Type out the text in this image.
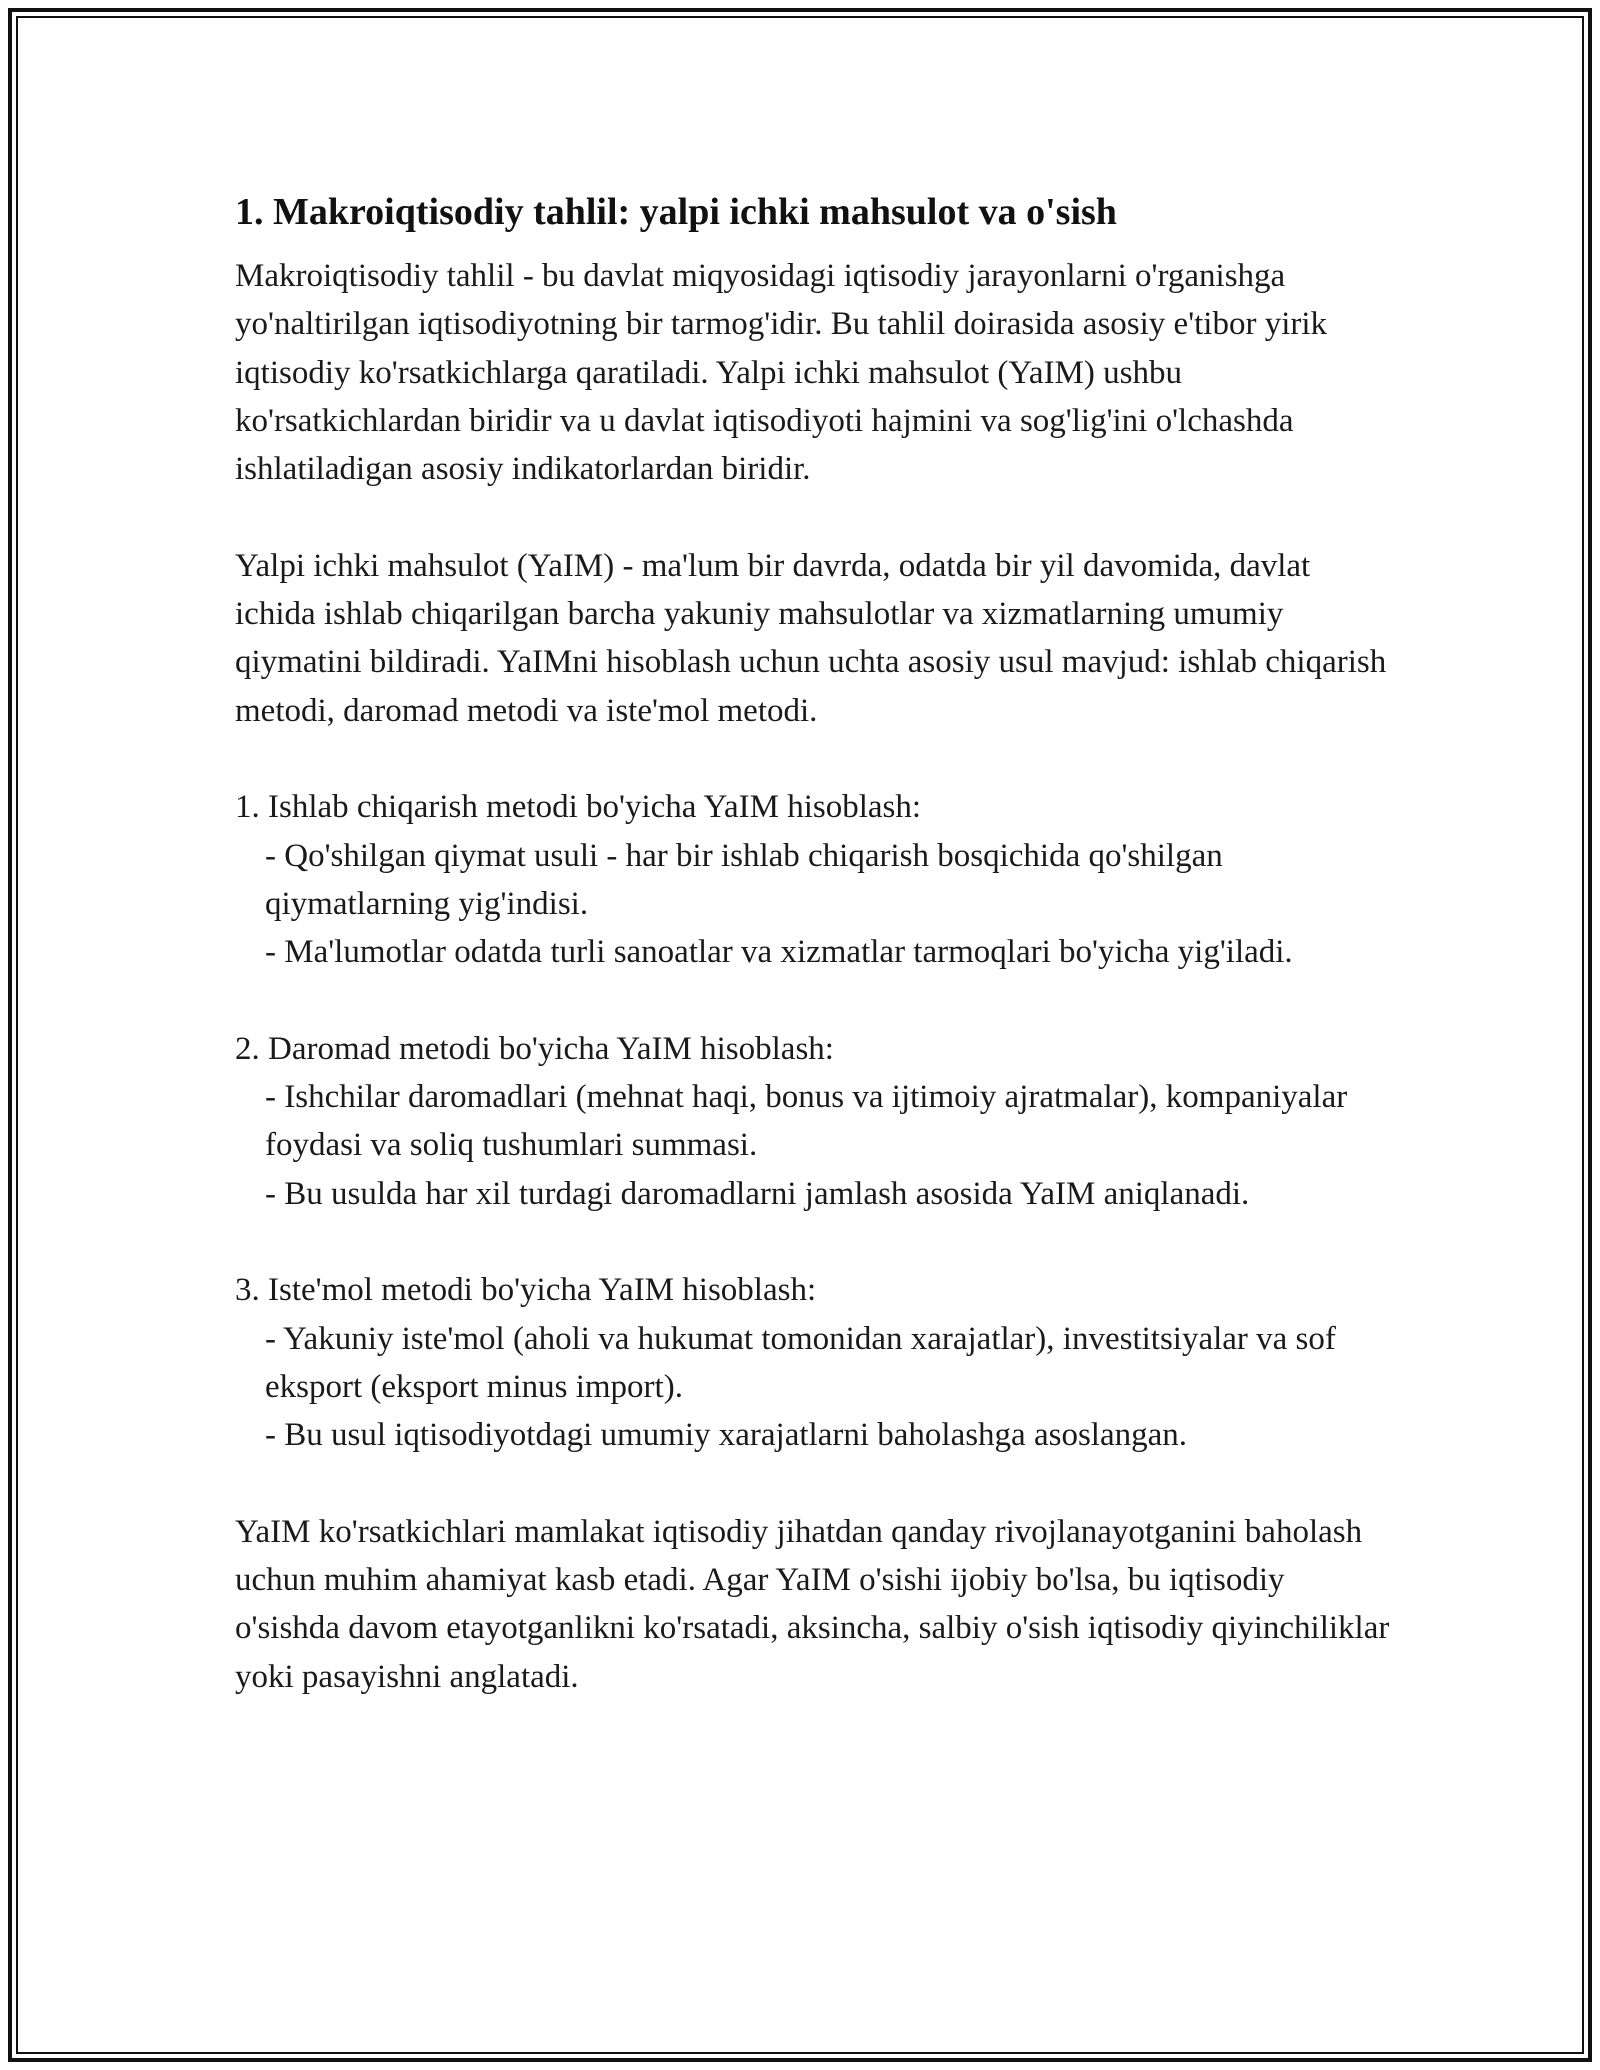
1. Makroiqtisodiy tahlil: yalpi ichki mahsulot va o'sish

Makroiqtisodiy tahlil - bu davlat miqyosidagi iqtisodiy jarayonlarni o'rganishga yo'naltirilgan iqtisodiyotning bir tarmog'idir. Bu tahlil doirasida asosiy e'tibor yirik iqtisodiy ko'rsatkichlarga qaratiladi. Yalpi ichki mahsulot (YaIM) ushbu ko'rsatkichlardan biridir va u davlat iqtisodiyoti hajmini va sog'lig'ini o'lchashda ishlatiladigan asosiy indikatorlardan biridir.

Yalpi ichki mahsulot (YaIM) - ma'lum bir davrda, odatda bir yil davomida, davlat ichida ishlab chiqarilgan barcha yakuniy mahsulotlar va xizmatlarning umumiy qiymatini bildiradi. YaIMni hisoblash uchun uchta asosiy usul mavjud: ishlab chiqarish metodi, daromad metodi va iste'mol metodi.

1. Ishlab chiqarish metodi bo'yicha YaIM hisoblash:

- Qo'shilgan qiymat usuli - har bir ishlab chiqarish bosqichida qo'shilgan qiymatlarning yig'indisi.

- Ma'lumotlar odatda turli sanoatlar va xizmatlar tarmoqlari bo'yicha yig'iladi.

2. Daromad metodi bo'yicha YaIM hisoblash:

- Ishchilar daromadlari (mehnat haqi, bonus va ijtimoiy ajratmalar), kompaniyalar foydasi va soliq tushumlari summasi.

- Bu usulda har xil turdagi daromadlarni jamlash asosida YaIM aniqlanadi.

3. Iste'mol metodi bo'yicha YaIM hisoblash:

- Yakuniy iste'mol (aholi va hukumat tomonidan xarajatlar), investitsiyalar va sof eksport (eksport minus import).

- Bu usul iqtisodiyotdagi umumiy xarajatlarni baholashga asoslangan.

YaIM ko'rsatkichlari mamlakat iqtisodiy jihatdan qanday rivojlanayotganini baholash uchun muhim ahamiyat kasb etadi. Agar YaIM o'sishi ijobiy bo'lsa, bu iqtisodiy o'sishda davom etayotganlikni ko'rsatadi, aksincha, salbiy o'sish iqtisodiy qiyinchiliklar yoki pasayishni anglatadi.
